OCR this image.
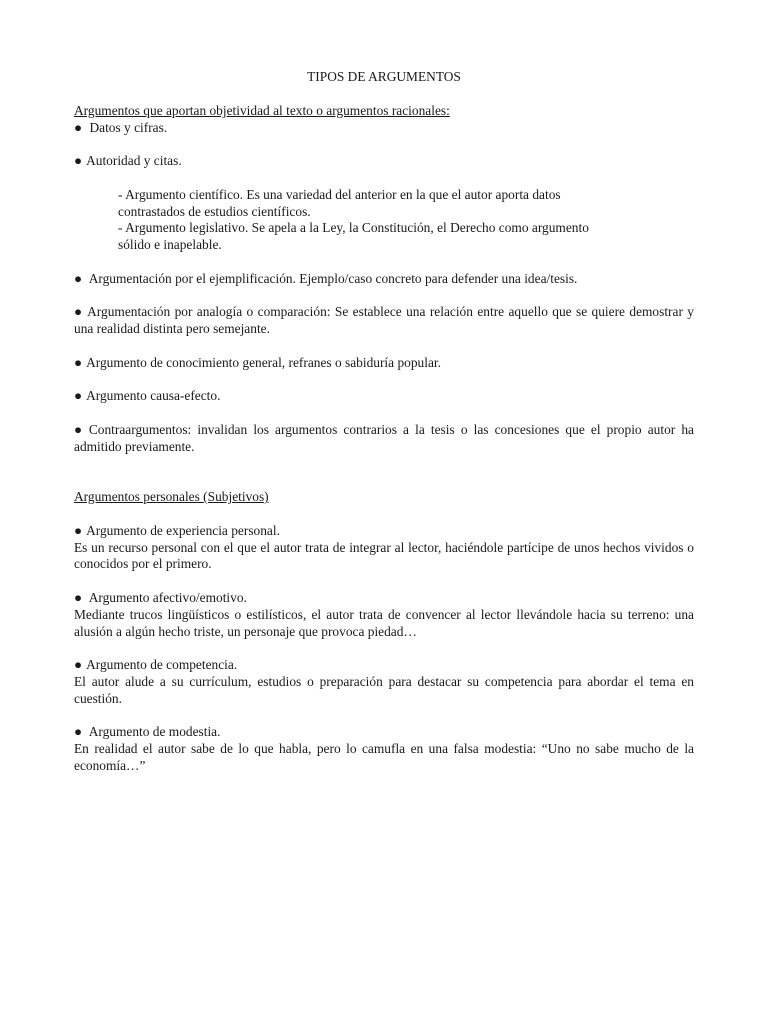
TIPOS DE ARGUMENTOS

Argumentos que aportan objetividad al texto o argumentos racionales:

● Datos y cifras.

● Autoridad y citas.

- Argumento científico. Es una variedad del anterior en la que el autor aporta datos
contrastados de estudios científicos.

- Argumento legislativo. Se apela a la Ley, la Constitución, el Derecho como argumento
sólido e inapelable.

● Argumentación por el ejemplificación. Ejemplo/caso concreto para defender una idea/tesis.

● Argumentación por analogía o comparación: Se establece una relación entre aquello que se quiere demostrar y una realidad distinta pero semejante.

● Argumento de conocimiento general, refranes o sabiduría popular.

● Argumento causa-efecto.

● Contraargumentos: invalidan los argumentos contrarios a la tesis o las concesiones que el propio autor ha admitido previamente.

Argumentos personales (Subjetivos)

● Argumento de experiencia personal.

Es un recurso personal con el que el autor trata de integrar al lector, haciéndole partícipe de unos hechos vividos o conocidos por el primero.

● Argumento afectivo/emotivo.

Mediante trucos lingüísticos o estilísticos, el autor trata de convencer al lector llevándole hacia su terreno: una alusión a algún hecho triste, un personaje que provoca piedad…

● Argumento de competencia.

El autor alude a su currículum, estudios o preparación para destacar su competencia para abordar el tema en cuestión.

● Argumento de modestia.

En realidad el autor sabe de lo que habla, pero lo camufla en una falsa modestia: “Uno no sabe mucho de la economía…”
